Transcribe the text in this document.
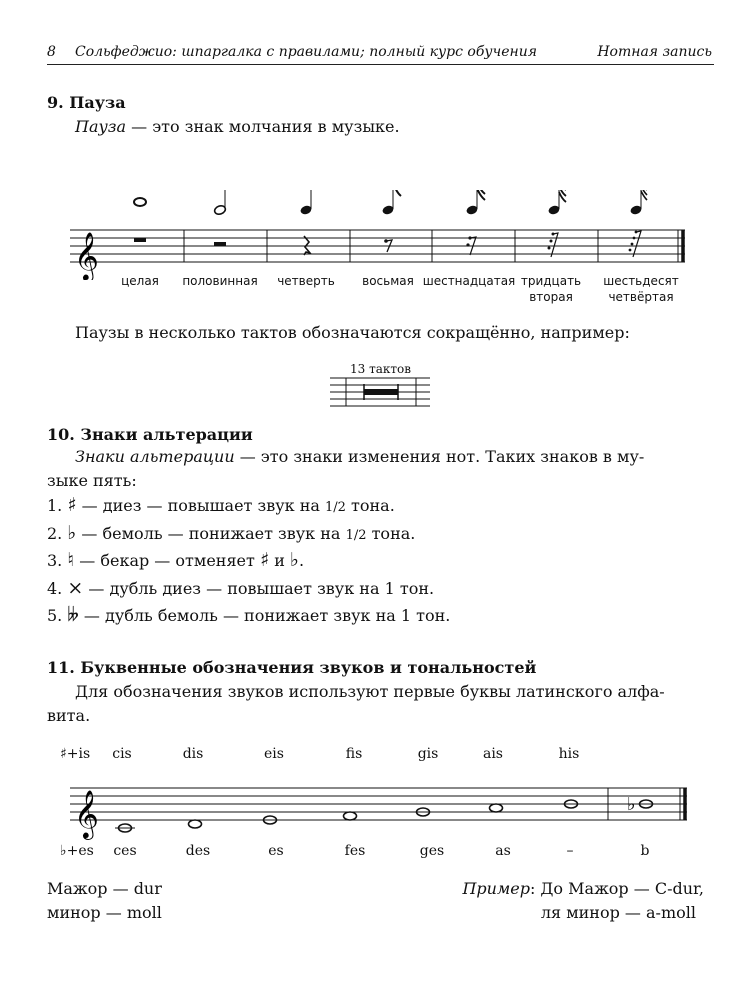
8 Сольфеджио: шпаргалка с правилами; полный курс обучения	Нотная запись
9. Пауза
Пауза — это знак молчания в музыке.
𝄞
целая	половинная	четверть	восьмая шестнадцатая тридцать
вторая
шестьдесят
четвёртая
Паузы в несколько тактов обозначаются сокращённо, например:
13 тактов
10. Знаки альтерации
Знаки альтерации — это знаки изменения нот. Таких знаков в му-
зыке пять:
1. ♯ — диез — повышает звук на 1/2 тона.
2. ♭ — бемоль — понижает звук на 1/2 тона.
3. ♮ — бекар — отменяет ♯ и ♭.
4. × — дубль диез — повышает звук на 1 тон.
5. 𝄫 — дубль бемоль — понижает звук на 1 тон.
11. Буквенные обозначения звуков и тональностей
Для обозначения звуков используют первые буквы латинского алфа-
вита.
♯+is	cis	dis	eis	fis	gis	ais	his
𝄞	♭
♭+es	ces	des	es	fes	ges	as	–	b
Мажор — dur
минор — moll
Пример: До Мажор — C-dur,
ля минор — a-moll
